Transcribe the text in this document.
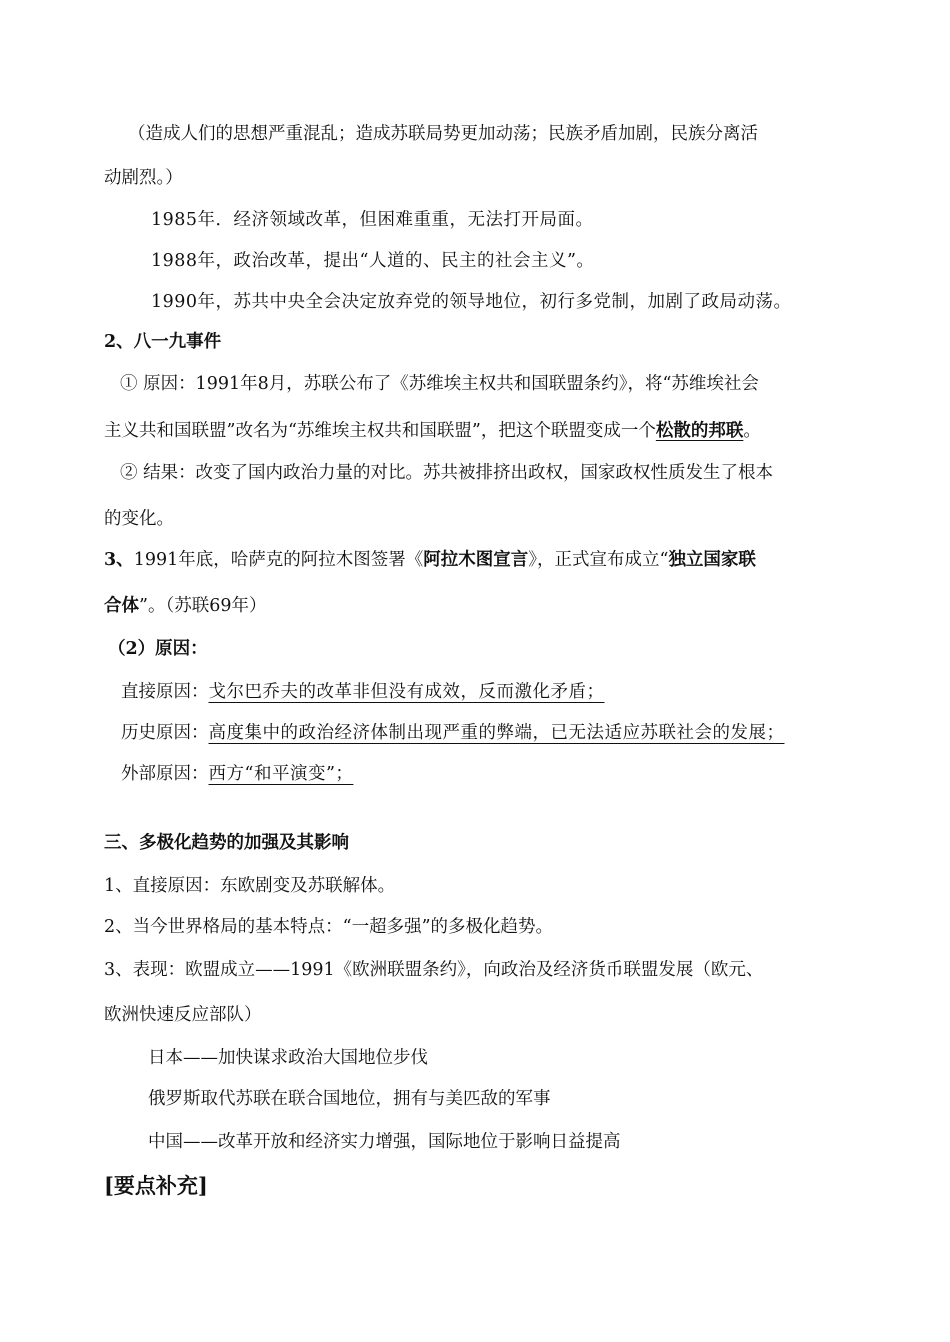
（造成人们的思想严重混乱；造成苏联局势更加动荡；民族矛盾加剧，民族分离活
动剧烈。）
1985年．经济领域改革，但困难重重，无法打开局面。
1988年，政治改革，提出“人道的、民主的社会主义”。
1990年，苏共中央全会决定放弃党的领导地位，初行多党制，加剧了政局动荡。
2、八一九事件
① 原因：1991年8月，苏联公布了《苏维埃主权共和国联盟条约》，将“苏维埃社会
主义共和国联盟”改名为“苏维埃主权共和国联盟”，把这个联盟变成一个松散的邦联。
② 结果：改变了国内政治力量的对比。苏共被排挤出政权，国家政权性质发生了根本
的变化。
3、1991年底，哈萨克的阿拉木图签署《阿拉木图宣言》，正式宣布成立“独立国家联
合体”。（苏联69年）
（2）原因：
直接原因：戈尔巴乔夫的改革非但没有成效，反而激化矛盾；
历史原因：高度集中的政治经济体制出现严重的弊端，已无法适应苏联社会的发展；
外部原因：西方“和平演变”；
三、多极化趋势的加强及其影响
1、直接原因：东欧剧变及苏联解体。
2、当今世界格局的基本特点：“一超多强”的多极化趋势。
3、表现：欧盟成立——1991《欧洲联盟条约》，向政治及经济货币联盟发展（欧元、
欧洲快速反应部队）
日本——加快谋求政治大国地位步伐
俄罗斯取代苏联在联合国地位，拥有与美匹敌的军事
中国——改革开放和经济实力增强，国际地位于影响日益提高
[要点补充]
